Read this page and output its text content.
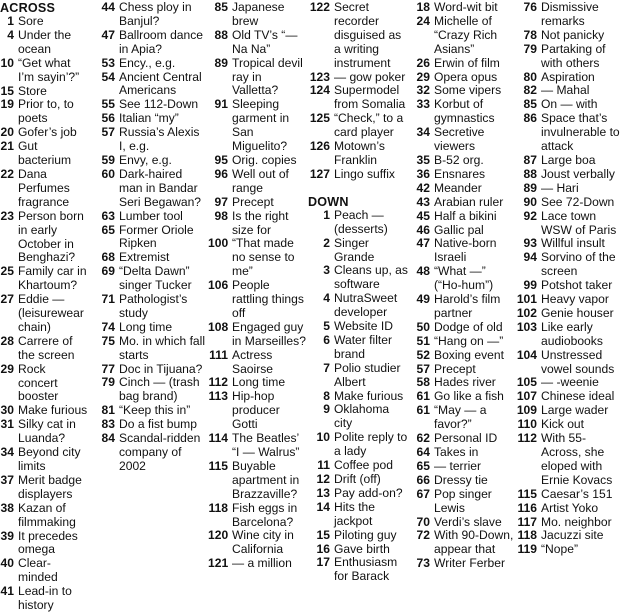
ACROSS
1 Sore
4 Under the ocean
10 “Get what I’m sayin’?”
15 Store
19 Prior to, to poets
20 Gofer’s job
21 Gut bacterium
22 Dana Perfumes fragrance
23 Person born in early October in Benghazi?
25 Family car in Khartoum?
27 Eddie — (leisurewear chain)
28 Carrere of the screen
29 Rock concert booster
30 Make furious
31 Silky cat in Luanda?
34 Beyond city limits
37 Merit badge displayers
38 Kazan of filmmaking
39 It precedes omega
40 Clear-minded
41 Lead-in to history
44 Chess ploy in Banjul?
47 Ballroom dance in Apia?
53 Ency., e.g.
54 Ancient Central Americans
55 See 112-Down
56 Italian “my”
57 Russia’s Alexis I, e.g.
59 Envy, e.g.
60 Dark-haired man in Bandar Seri Begawan?
63 Lumber tool
65 Former Oriole Ripken
68 Extremist
69 “Delta Dawn” singer Tucker
71 Pathologist’s study
74 Long time
75 Mo. in which fall starts
77 Doc in Tijuana?
79 Cinch — (trash bag brand)
81 “Keep this in”
83 Do a fist bump
84 Scandal-ridden company of 2002
85 Japanese brew
88 Old TV’s “— Na Na”
89 Tropical devil ray in Valletta?
91 Sleeping garment in San Miguelito?
95 Orig. copies
96 Well out of range
97 Precept
98 Is the right size for
100 “That made no sense to me”
106 People rattling things off
108 Engaged guy in Marseilles?
111 Actress Saoirse
112 Long time
113 Hip-hop producer Gotti
114 The Beatles’ “I — Walrus”
115 Buyable apartment in Brazzaville?
118 Fish eggs in Barcelona?
120 Wine city in California
121 — a million
122 Secret recorder disguised as a writing instrument
123 — gow poker
124 Supermodel from Somalia
125 “Check,” to a card player
126 Motown’s Franklin
127 Lingo suffix
DOWN
1 Peach — (desserts)
2 Singer Grande
3 Cleans up, as software
4 NutraSweet developer
5 Website ID
6 Water filter brand
7 Polio studier Albert
8 Make furious
9 Oklahoma city
10 Polite reply to a lady
11 Coffee pod
12 Drift (off)
13 Pay add-on?
14 Hits the jackpot
15 Piloting guy
16 Gave birth
17 Enthusiasm for Barack
18 Word-wit bit
24 Michelle of “Crazy Rich Asians”
26 Erwin of film
29 Opera opus
32 Some vipers
33 Korbut of gymnastics
34 Secretive viewers
35 B-52 org.
36 Ensnares
42 Meander
43 Arabian ruler
45 Half a bikini
46 Gallic pal
47 Native-born Israeli
48 “What —” (“Ho-hum”)
49 Harold’s film partner
50 Dodge of old
51 “Hang on —”
52 Boxing event
57 Precept
58 Hades river
61 Go like a fish
61 “May — a favor?”
62 Personal ID
64 Takes in
65 — terrier
66 Dressy tie
67 Pop singer Lewis
70 Verdi’s slave
72 With 90-Down, appear that
73 Writer Ferber
76 Dismissive remarks
78 Not panicky
79 Partaking of with others
80 Aspiration
82 — Mahal
85 On — with
86 Space that’s invulnerable to attack
87 Large boa
88 Joust verbally
89 — Hari
90 See 72-Down
92 Lace town WSW of Paris
93 Willful insult
94 Sorvino of the screen
99 Potshot taker
101 Heavy vapor
102 Genie houser
103 Like early audiobooks
104 Unstressed vowel sounds
105 — -weenie
107 Chinese ideal
109 Large wader
110 Kick out
112 With 55-Across, she eloped with Ernie Kovacs
115 Caesar’s 151
116 Artist Yoko
117 Mo. neighbor
118 Jacuzzi site
119 “Nope”
